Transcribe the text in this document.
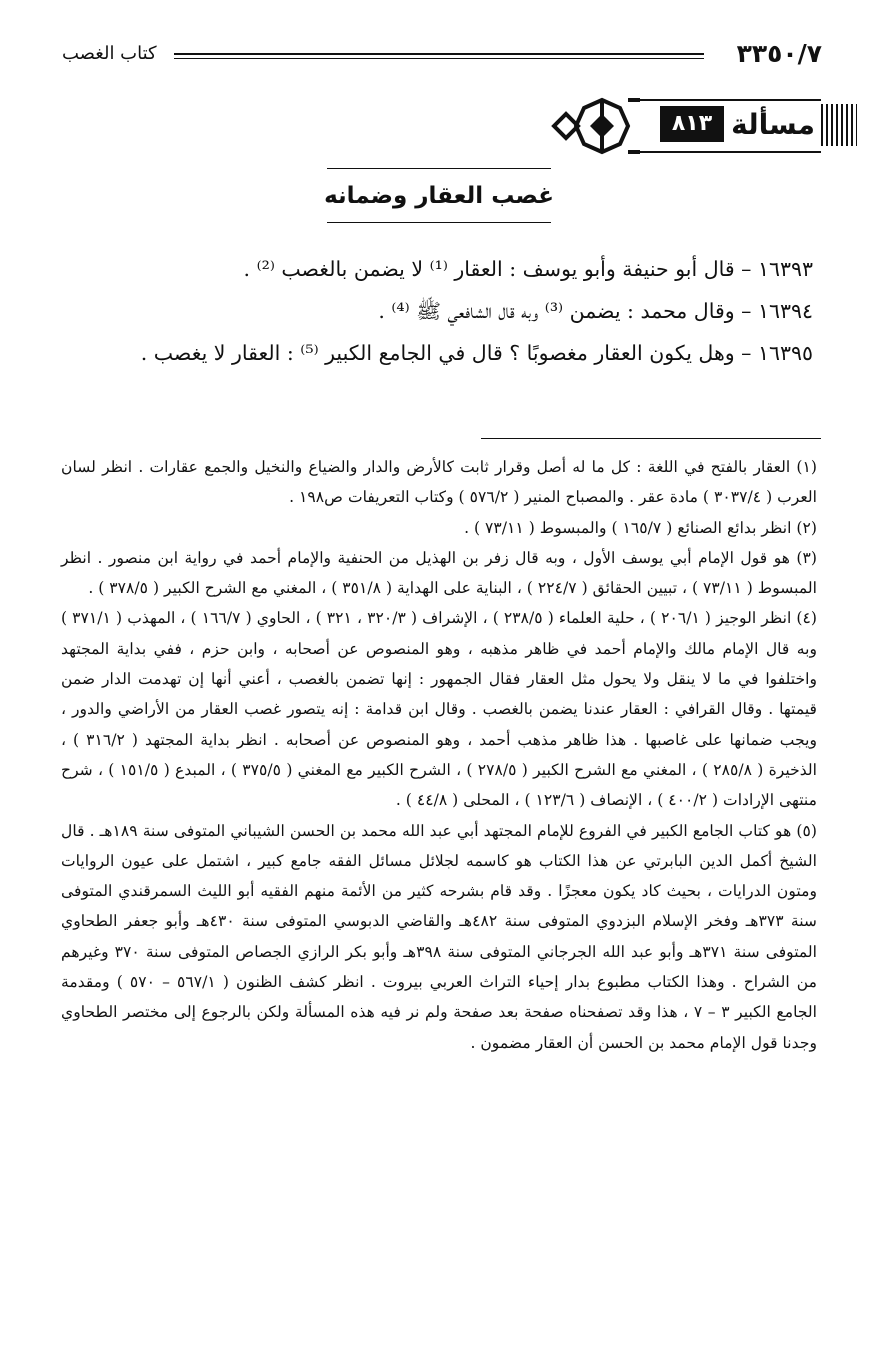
٣٣٥٠/٧
كتاب الغصب
مسألة
٨١٣
غصب العقار وضمانه

١٦٣٩٣ – قال أبو حنيفة وأبو يوسف : العقار ⁽¹⁾ لا يضمن بالغصب ⁽²⁾ .

١٦٣٩٤ – وقال محمد : يضمن ⁽³⁾ وبه قال الشافعي ﷺ ⁽⁴⁾ .

١٦٣٩٥ – وهل يكون العقار مغصوبًا ؟ قال في الجامع الكبير ⁽⁵⁾ : العقار لا يغصب .

(١) العقار بالفتح في اللغة : كل ما له أصل وقرار ثابت كالأرض والدار والضياع والنخيل والجمع عقارات . انظر لسان العرب ( ٣٠٣٧/٤ ) مادة عقر . والمصباح المنير ( ٥٧٦/٢ ) وكتاب التعريفات ص١٩٨ .

(٢) انظر بدائع الصنائع ( ١٦٥/٧ ) والمبسوط ( ٧٣/١١ ) .

(٣) هو قول الإمام أبي يوسف الأول ، وبه قال زفر بن الهذيل من الحنفية والإمام أحمد في رواية ابن منصور . انظر المبسوط ( ٧٣/١١ ) ، تبيين الحقائق ( ٢٢٤/٧ ) ، البناية على الهداية ( ٣٥١/٨ ) ، المغني مع الشرح الكبير ( ٣٧٨/٥ ) .

(٤) انظر الوجيز ( ٢٠٦/١ ) ، حلية العلماء ( ٢٣٨/٥ ) ، الإشراف ( ٣٢٠/٣ ، ٣٢١ ) ، الحاوي ( ١٦٦/٧ ) ، المهذب ( ٣٧١/١ ) وبه قال الإمام مالك والإمام أحمد في ظاهر مذهبه ، وهو المنصوص عن أصحابه ، وابن حزم ، ففي بداية المجتهد واختلفوا في ما لا ينقل ولا يحول مثل العقار فقال الجمهور : إنها تضمن بالغصب ، أعني أنها إن تهدمت الدار ضمن قيمتها . وقال القرافي : العقار عندنا يضمن بالغصب . وقال ابن قدامة : إنه يتصور غصب العقار من الأراضي والدور ، ويجب ضمانها على غاصبها . هذا ظاهر مذهب أحمد ، وهو المنصوص عن أصحابه . انظر بداية المجتهد ( ٣١٦/٢ ) ، الذخيرة ( ٢٨٥/٨ ) ، المغني مع الشرح الكبير ( ٢٧٨/٥ ) ، الشرح الكبير مع المغني ( ٣٧٥/٥ ) ، المبدع ( ١٥١/٥ ) ، شرح منتهى الإرادات ( ٤٠٠/٢ ) ، الإنصاف ( ١٢٣/٦ ) ، المحلى ( ٤٤/٨ ) .

(٥) هو كتاب الجامع الكبير في الفروع للإمام المجتهد أبي عبد الله محمد بن الحسن الشيباني المتوفى سنة ١٨٩هـ . قال الشيخ أكمل الدين البابرتي عن هذا الكتاب هو كاسمه لجلائل مسائل الفقه جامع كبير ، اشتمل على عيون الروايات ومتون الدرايات ، بحيث كاد يكون معجزًا . وقد قام بشرحه كثير من الأئمة منهم الفقيه أبو الليث السمرقندي المتوفى سنة ٣٧٣هـ وفخر الإسلام البزدوي المتوفى سنة ٤٨٢هـ والقاضي الدبوسي المتوفى سنة ٤٣٠هـ وأبو جعفر الطحاوي المتوفى سنة ٣٧١هـ وأبو عبد الله الجرجاني المتوفى سنة ٣٩٨هـ وأبو بكر الرازي الجصاص المتوفى سنة ٣٧٠ وغيرهم من الشراح . وهذا الكتاب مطبوع بدار إحياء التراث العربي بيروت . انظر كشف الظنون ( ٥٦٧/١ – ٥٧٠ ) ومقدمة الجامع الكبير ٣ – ٧ ، هذا وقد تصفحناه صفحة بعد صفحة ولم نر فيه هذه المسألة ولكن بالرجوع إلى مختصر الطحاوي وجدنا قول الإمام محمد بن الحسن أن العقار مضمون .
